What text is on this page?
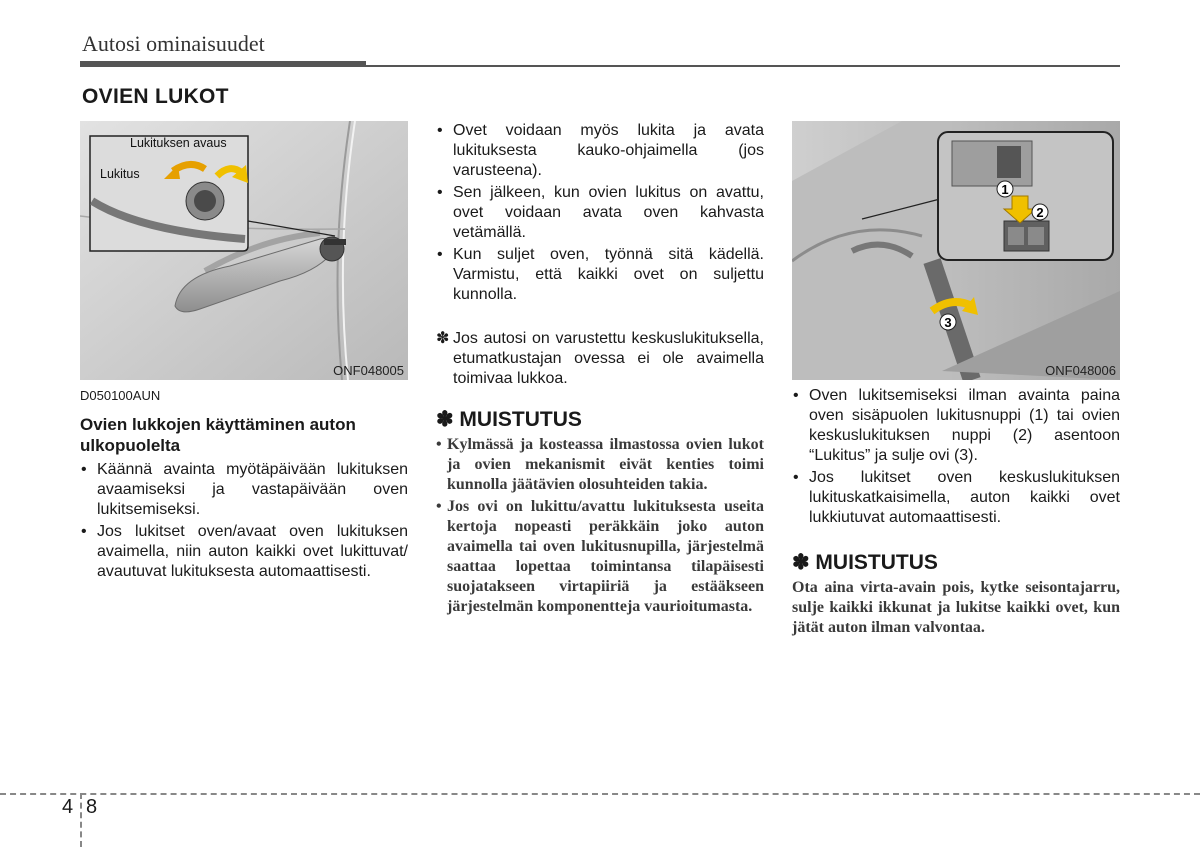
Autosi ominaisuudet
OVIEN LUKOT
Lukituksen avaus
Lukitus
ONF048005
1
2
3
ONF048006

D050100AUN

Ovien lukkojen käyttäminen auton ulkopuolelta

• Käännä avainta myötäpäivään lukituksen avaamiseksi ja vastapäivään oven lukitsemiseksi.
• Jos lukitset oven/avaat oven lukituksen avaimella, niin auton kaikki ovet lukittuvat/ avautuvat lukituksesta automaattisesti.
• Ovet voidaan myös lukita ja avata lukituksesta kauko-ohjaimella (jos varusteena).
• Sen jälkeen, kun ovien lukitus on avattu, ovet voidaan avata oven kahvasta vetämällä.
• Kun suljet oven, työnnä sitä kädellä. Varmistu, että kaikki ovet on suljettu kunnolla.
✽ Jos autosi on varustettu keskuslukituksella, etumatkustajan ovessa ei ole avaimella toimivaa lukkoa.
✽ MUISTUTUS
• Kylmässä ja kosteassa ilmastossa ovien lukot ja ovien mekanismit eivät kenties toimi kunnolla jäätävien olosuhteiden takia.
• Jos ovi on lukittu/avattu lukituksesta useita kertoja nopeasti peräkkäin joko auton avaimella tai oven lukitusnupilla, järjestelmä saattaa lopettaa toimintansa tilapäisesti suojatakseen virtapiiriä ja estääkseen järjestelmän komponentteja vaurioitumasta.
• Oven lukitsemiseksi ilman avainta paina oven sisäpuolen lukitusnuppi (1) tai ovien keskuslukituksen nuppi (2) asentoon “Lukitus” ja sulje ovi (3).
• Jos lukitset oven keskuslukituksen lukituskatkaisimella, auton kaikki ovet lukkiutuvat automaattisesti.
✽ MUISTUTUS

Ota aina virta-avain pois, kytke seisontajarru, sulje kaikki ikkunat ja lukitse kaikki ovet, kun jätät auton ilman valvontaa.

4 8
